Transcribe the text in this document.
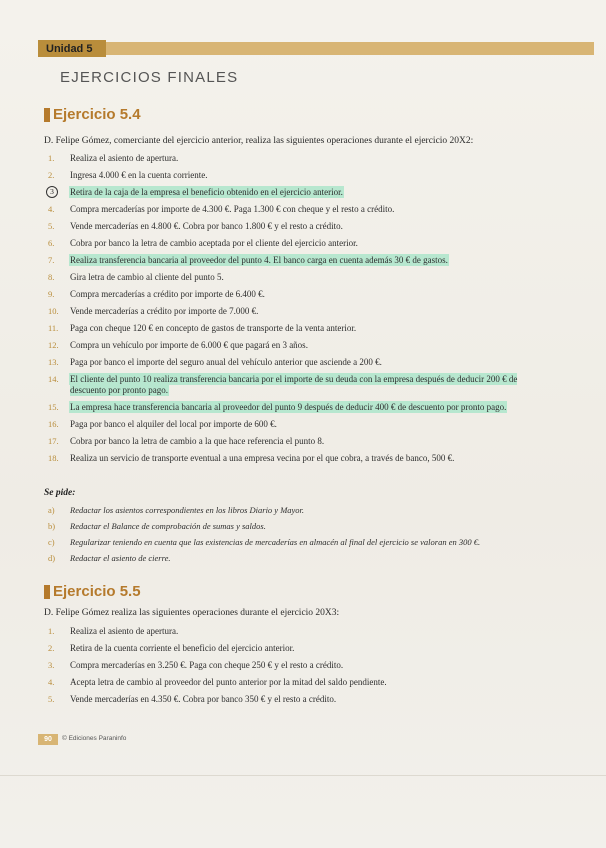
Unidad 5
EJERCICIOS FINALES
Ejercicio 5.4
D. Felipe Gómez, comerciante del ejercicio anterior, realiza las siguientes operaciones durante el ejercicio 20X2:
1.	Realiza el asiento de apertura.
2.	Ingresa 4.000 € en la cuenta corriente.
3	Retira de la caja de la empresa el beneficio obtenido en el ejercicio anterior.
4.	Compra mercaderías por importe de 4.300 €. Paga 1.300 € con cheque y el resto a crédito.
5.	Vende mercaderías en 4.800 €. Cobra por banco 1.800 € y el resto a crédito.
6.	Cobra por banco la letra de cambio aceptada por el cliente del ejercicio anterior.
7.	Realiza transferencia bancaria al proveedor del punto 4. El banco carga en cuenta además 30 € de gastos.
8.	Gira letra de cambio al cliente del punto 5.
9.	Compra mercaderías a crédito por importe de 6.400 €.
10.	Vende mercaderías a crédito por importe de 7.000 €.
11.	Paga con cheque 120 € en concepto de gastos de transporte de la venta anterior.
12.	Compra un vehículo por importe de 6.000 € que pagará en 3 años.
13.	Paga por banco el importe del seguro anual del vehículo anterior que asciende a 200 €.
14.	El cliente del punto 10 realiza transferencia bancaria por el importe de su deuda con la empresa después de deducir 200 € de descuento por pronto pago.
15.	La empresa hace transferencia bancaria al proveedor del punto 9 después de deducir 400 € de descuento por pronto pago.
16.	Paga por banco el alquiler del local por importe de 600 €.
17.	Cobra por banco la letra de cambio a la que hace referencia el punto 8.
18.	Realiza un servicio de transporte eventual a una empresa vecina por el que cobra, a través de banco, 500 €.
Se pide:
a) Redactar los asientos correspondientes en los libros Diario y Mayor.
b) Redactar el Balance de comprobación de sumas y saldos.
c) Regularizar teniendo en cuenta que las existencias de mercaderías en almacén al final del ejercicio se valoran en 300 €.
d) Redactar el asiento de cierre.
Ejercicio 5.5
D. Felipe Gómez realiza las siguientes operaciones durante el ejercicio 20X3:
1.	Realiza el asiento de apertura.
2.	Retira de la cuenta corriente el beneficio del ejercicio anterior.
3.	Compra mercaderías en 3.250 €. Paga con cheque 250 € y el resto a crédito.
4.	Acepta letra de cambio al proveedor del punto anterior por la mitad del saldo pendiente.
5.	Vende mercaderías en 4.350 €. Cobra por banco 350 € y el resto a crédito.
90	© Ediciones Paraninfo
